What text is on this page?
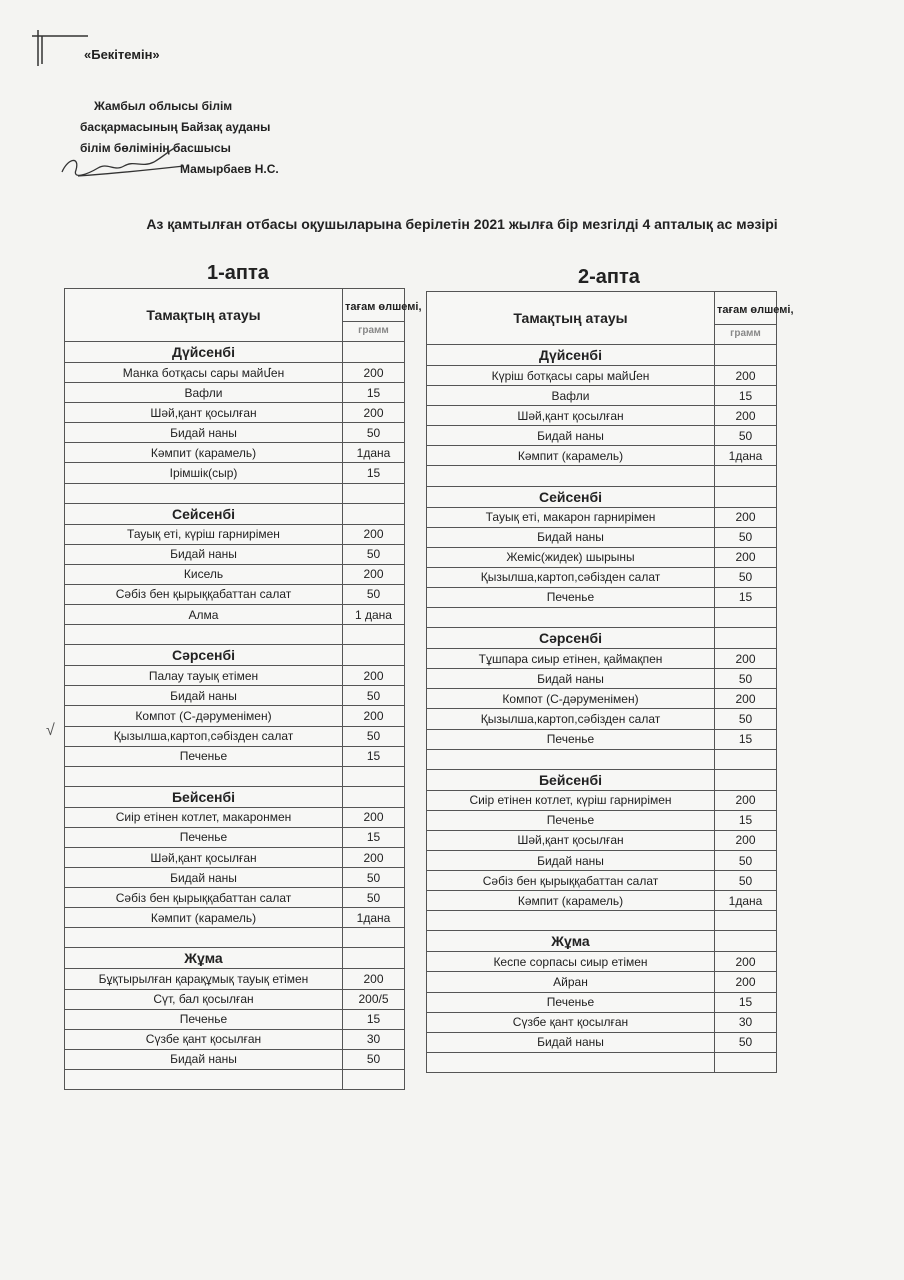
«Бекітемін»
Жамбыл облысы білім
басқармасының Байзақ ауданы
білім бөлімінің басшысы
Мамырбаев Н.С.
Аз қамтылған отбасы оқушыларына берілетін 2021 жылға бір мезгілді 4 апталық ас мәзірі
1-апта	2-апта
Тамақтың атауы	тағам өлшемі,
	грамм
Дүйсенбі	
Манка ботқасы сары майմен	200
Вафли	15
Шәй,қант қосылған	200
Бидай наны	50
Кәмпит (карамель)	1дана
Ірімшік(сыр)	15

Сейсенбі	
Тауық еті, күріш гарнирімен	200
Бидай наны	50
Кисель	200
Сәбіз бен қырыққабаттан салат	50
Алма	1 дана

Сәрсенбі	
Палау тауық етімен	200
Бидай наны	50
Компот (С-дәруменімен)	200
Қызылша,картоп,сәбізден салат	50
Печенье	15

Бейсенбі	
Сиір етінен котлет, макаронмен	200
Печенье	15
Шәй,қант қосылған	200
Бидай наны	50
Сәбіз бен қырыққабаттан салат	50
Кәмпит (карамель)	1дана

Жұма	
Бұқтырылған қарақұмық тауық етімен	200
Сүт, бал қосылған	200/5
Печенье	15
Сүзбе қант қосылған	30
Бидай наны	50

Тамақтың атауы	тағам өлшемі,
	грамм
Дүйсенбі	
Күріш ботқасы сары майմен	200
Вафли	15
Шәй,қант қосылған	200
Бидай наны	50
Кәмпит (карамель)	1дана

Сейсенбі	
Тауық еті, макарон гарнирімен	200
Бидай наны	50
Жеміс(жидек) шырыны	200
Қызылша,картоп,сәбізден салат	50
Печенье	15

Сәрсенбі	
Тұшпара сиыр етінен, қаймақпен	200
Бидай наны	50
Компот (С-дәруменімен)	200
Қызылша,картоп,сәбізден салат	50
Печенье	15

Бейсенбі	
Сиір етінен котлет, күріш гарнирімен	200
Печенье	15
Шәй,қант қосылған	200
Бидай наны	50
Сәбіз бен қырыққабаттан салат	50
Кәмпит (карамель)	1дана

Жұма	
Кеспе сорпасы сиыр етімен	200
Айран	200
Печенье	15
Сүзбе қант қосылған	30
Бидай наны	50

√
